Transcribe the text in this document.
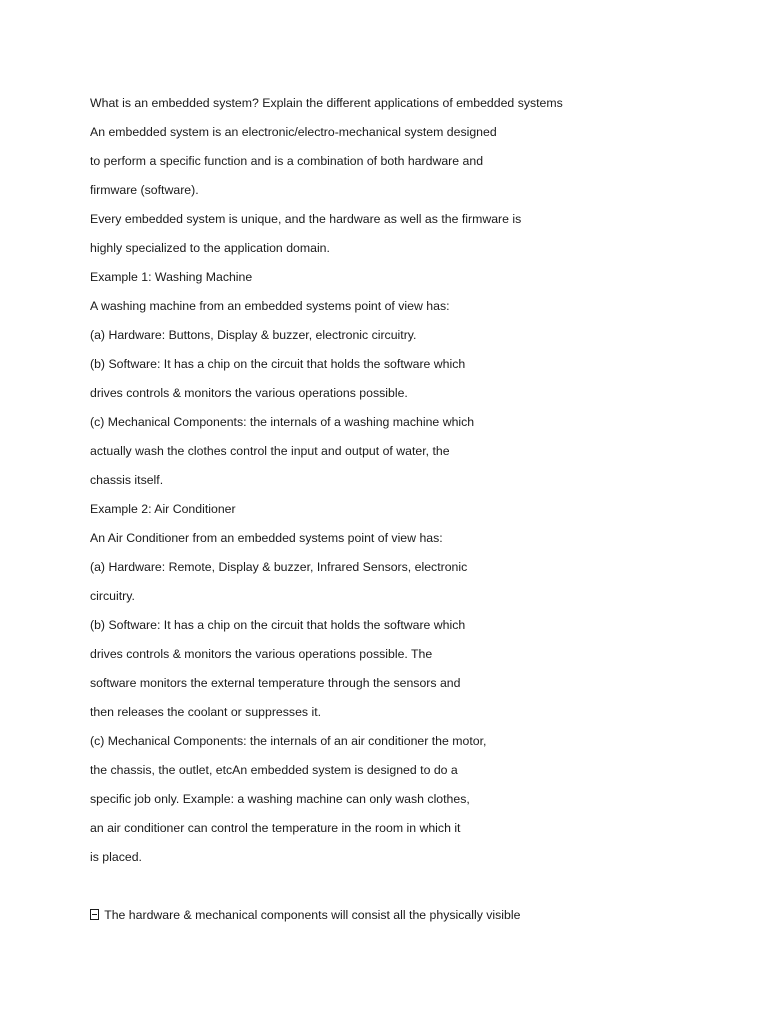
What is an embedded system? Explain the different applications of embedded systems
An embedded system is an electronic/electro-mechanical system designed
to perform a specific function and is a combination of both hardware and
firmware (software).
Every embedded system is unique, and the hardware as well as the firmware is
highly specialized to the application domain.
Example 1: Washing Machine
A washing machine from an embedded systems point of view has:
(a) Hardware: Buttons, Display & buzzer, electronic circuitry.
(b) Software: It has a chip on the circuit that holds the software which
drives controls & monitors the various operations possible.
(c) Mechanical Components: the internals of a washing machine which
actually wash the clothes control the input and output of water, the
chassis itself.
Example 2: Air Conditioner
An Air Conditioner from an embedded systems point of view has:
(a) Hardware: Remote, Display & buzzer, Infrared Sensors, electronic
circuitry.
(b) Software: It has a chip on the circuit that holds the software which
drives controls & monitors the various operations possible. The
software monitors the external temperature through the sensors and
then releases the coolant or suppresses it.
(c) Mechanical Components: the internals of an air conditioner the motor,
the chassis, the outlet, etcAn embedded system is designed to do a
specific job only. Example: a washing machine can only wash clothes,
an air conditioner can control the temperature in the room in which it
is placed.
The hardware & mechanical components will consist all the physically visible
